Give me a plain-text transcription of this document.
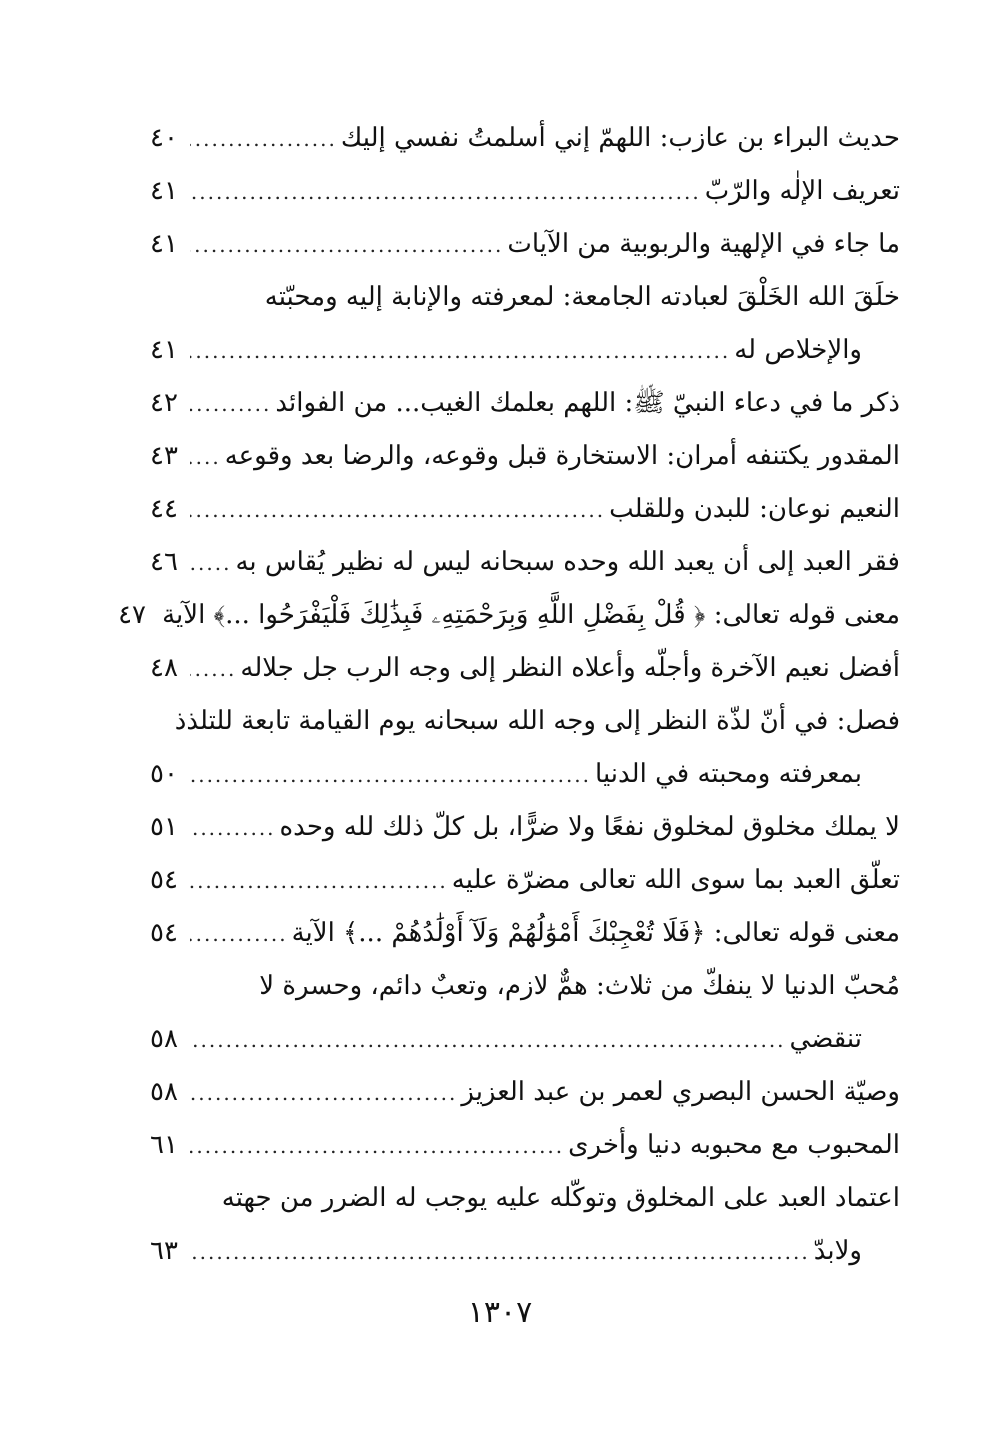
حديث البراء بن عازب: اللهمّ إني أسلمتُ نفسي إليك
.....
٤٠
تعريف الإلٰه والرّبّ
.....
٤١
ما جاء في الإلهية والربوبية من الآيات
.....
٤١
خلَقَ الله الخَلْقَ لعبادته الجامعة: لمعرفته والإنابة إليه ومحبّته
والإخلاص له
.....
٤١
ذكر ما في دعاء النبيّ ﷺ: اللهم بعلمك الغيب... من الفوائد
.....
٤٢
المقدور يكتنفه أمران: الاستخارة قبل وقوعه، والرضا بعد وقوعه
.....
٤٣
النعيم نوعان: للبدن وللقلب
.....
٤٤
فقر العبد إلى أن يعبد الله وحده سبحانه ليس له نظير يُقاس به
.....
٤٦
معنى قوله تعالى: ﴿ قُلْ بِفَضْلِ اللَّهِ وَبِرَحْمَتِهِۦ فَبِذَٰلِكَ فَلْيَفْرَحُوا ...﴾ الآية
٤٧
أفضل نعيم الآخرة وأجلّه وأعلاه النظر إلى وجه الرب جل جلاله
.....
٤٨
فصل: في أنّ لذّة النظر إلى وجه الله سبحانه يوم القيامة تابعة للتلذذ
بمعرفته ومحبته في الدنيا
.....
٥٠
لا يملك مخلوق لمخلوق نفعًا ولا ضرًّا، بل كلّ ذلك لله وحده
.....
٥١
تعلّق العبد بما سوى الله تعالى مضرّة عليه
.....
٥٤
معنى قوله تعالى: ﴿فَلَا تُعْجِبْكَ أَمْوَٰلُهُمْ وَلَآ أَوْلَٰدُهُمْ ...﴾ الآية
.....
٥٤
مُحبّ الدنيا لا ينفكّ من ثلاث: همٌّ لازم، وتعبٌ دائم، وحسرة لا
تنقضي
.....
٥٨
وصيّة الحسن البصري لعمر بن عبد العزيز
.....
٥٨
المحبوب مع محبوبه دنيا وأخرى
.....
٦١
اعتماد العبد على المخلوق وتوكّله عليه يوجب له الضرر من جهته
ولابدّ
.....
٦٣
١٣٠٧
